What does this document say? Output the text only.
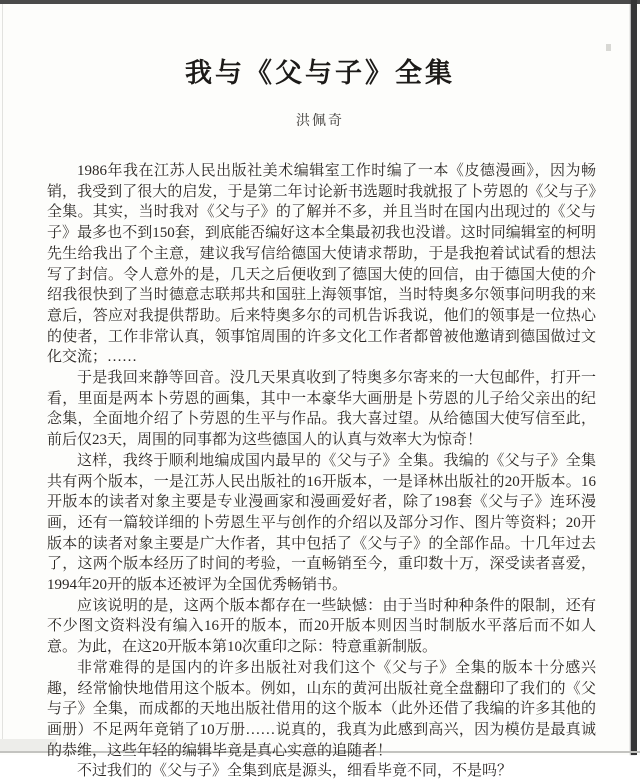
我与《父与子》全集
洪佩奇

1986年我在江苏人民出版社美术编辑室工作时编了一本《皮德漫画》，因为畅销，我受到了很大的启发，于是第二年讨论新书选题时我就报了卜劳恩的《父与子》全集。其实，当时我对《父与子》的了解并不多，并且当时在国内出现过的《父与子》最多也不到150套，到底能否编好这本全集最初我也没谱。这时同编辑室的柯明先生给我出了个主意，建议我写信给德国大使请求帮助，于是我抱着试试看的想法写了封信。令人意外的是，几天之后便收到了德国大使的回信，由于德国大使的介绍我很快到了当时德意志联邦共和国驻上海领事馆，当时特奥多尔领事问明我的来意后，答应对我提供帮助。后来特奥多尔的司机告诉我说，他们的领事是一位热心的使者，工作非常认真，领事馆周围的许多文化工作者都曾被他邀请到德国做过文化交流；……

于是我回来静等回音。没几天果真收到了特奥多尔寄来的一大包邮件，打开一看，里面是两本卜劳恩的画集，其中一本豪华大画册是卜劳恩的儿子给父亲出的纪念集，全面地介绍了卜劳恩的生平与作品。我大喜过望。从给德国大使写信至此，前后仅23天，周围的同事都为这些德国人的认真与效率大为惊奇！

这样，我终于顺利地编成国内最早的《父与子》全集。我编的《父与子》全集共有两个版本，一是江苏人民出版社的16开版本，一是译林出版社的20开版本。16开版本的读者对象主要是专业漫画家和漫画爱好者，除了198套《父与子》连环漫画，还有一篇较详细的卜劳恩生平与创作的介绍以及部分习作、图片等资料；20开版本的读者对象主要是广大作者，其中包括了《父与子》的全部作品。十几年过去了，这两个版本经历了时间的考验，一直畅销至今，重印数十万，深受读者喜爱，1994年20开的版本还被评为全国优秀畅销书。

应该说明的是，这两个版本都存在一些缺憾：由于当时种种条件的限制，还有不少图文资料没有编入16开的版本，而20开版本则因当时制版水平落后而不如人意。为此，在这20开版本第10次重印之际：特意重新制版。

非常难得的是国内的许多出版社对我们这个《父与子》全集的版本十分感兴趣，经常愉快地借用这个版本。例如，山东的黄河出版社竟全盘翻印了我们的《父与子》全集，而成都的天地出版社借用的这个版本（此外还借了我编的许多其他的画册）不足两年竟销了10万册……说真的，我真为此感到高兴，因为模仿是最真诚的恭维，这些年轻的编辑毕竟是真心实意的追随者！

不过我们的《父与子》全集到底是源头，细看毕竟不同，不是吗？
